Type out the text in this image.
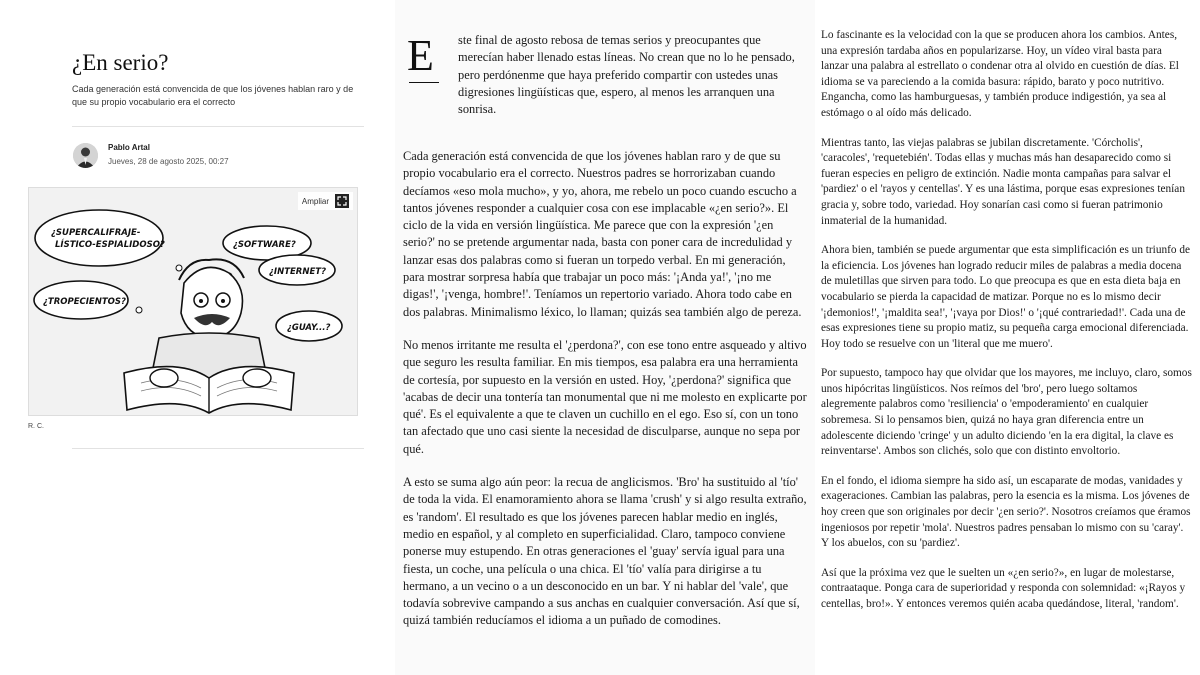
¿En serio?

Cada generación está convencida de que los jóvenes hablan raro y de que su propio vocabulario era el correcto

Pablo Artal
Jueves, 28 de agosto 2025, 00:27
¿SUPERCALIFRAJE-
LÍSTICO-ESPIALIDOSO?	¿SOFTWARE?
¿INTERNET?
¿TROPECIENTOS?
¿GUAY...?
Ampliar
R. C.
E ste final de agosto rebosa de temas serios y preocupantes que merecían haber llenado estas líneas. No crean que no lo he pensado, pero perdónenme que haya preferido compartir con ustedes unas digresiones lingüísticas que, espero, al menos les arranquen una sonrisa.

Cada generación está convencida de que los jóvenes hablan raro y de que su propio vocabulario era el correcto. Nuestros padres se horrorizaban cuando decíamos «eso mola mucho», y yo, ahora, me rebelo un poco cuando escucho a tantos jóvenes responder a cualquier cosa con ese implacable «¿en serio?». El ciclo de la vida en versión lingüística. Me parece que con la expresión '¿en serio?' no se pretende argumentar nada, basta con poner cara de incredulidad y lanzar esas dos palabras como si fueran un torpedo verbal. En mi generación, para mostrar sorpresa había que trabajar un poco más: '¡Anda ya!', '¡no me digas!', '¡venga, hombre!'. Teníamos un repertorio variado. Ahora todo cabe en dos palabras. Minimalismo léxico, lo llaman; quizás sea también algo de pereza.

No menos irritante me resulta el '¿perdona?', con ese tono entre asqueado y altivo que seguro les resulta familiar. En mis tiempos, esa palabra era una herramienta de cortesía, por supuesto en la versión en usted. Hoy, '¿perdona?' significa que 'acabas de decir una tontería tan monumental que ni me molesto en explicarte por qué'. Es el equivalente a que te claven un cuchillo en el ego. Eso sí, con un tono tan afectado que uno casi siente la necesidad de disculparse, aunque no sepa por qué.

A esto se suma algo aún peor: la recua de anglicismos. 'Bro' ha sustituido al 'tío' de toda la vida. El enamoramiento ahora se llama 'crush' y si algo resulta extraño, es 'random'. El resultado es que los jóvenes parecen hablar medio en inglés, medio en español, y al completo en superficialidad. Claro, tampoco conviene ponerse muy estupendo. En otras generaciones el 'guay' servía igual para una fiesta, un coche, una película o una chica. El 'tío' valía para dirigirse a tu hermano, a un vecino o a un desconocido en un bar. Y ni hablar del 'vale', que todavía sobrevive campando a sus anchas en cualquier conversación. Así que sí, quizá también reducíamos el idioma a un puñado de comodines.

Lo fascinante es la velocidad con la que se producen ahora los cambios. Antes, una expresión tardaba años en popularizarse. Hoy, un vídeo viral basta para lanzar una palabra al estrellato o condenar otra al olvido en cuestión de días. El idioma se va pareciendo a la comida basura: rápido, barato y poco nutritivo. Engancha, como las hamburguesas, y también produce indigestión, ya sea al estómago o al oído más delicado.

Mientras tanto, las viejas palabras se jubilan discretamente. 'Córcholis', 'caracoles', 'requetebién'. Todas ellas y muchas más han desaparecido como si fueran especies en peligro de extinción. Nadie monta campañas para salvar el 'pardiez' o el 'rayos y centellas'. Y es una lástima, porque esas expresiones tenían gracia y, sobre todo, variedad. Hoy sonarían casi como si fueran patrimonio inmaterial de la humanidad.

Ahora bien, también se puede argumentar que esta simplificación es un triunfo de la eficiencia. Los jóvenes han logrado reducir miles de palabras a media docena de muletillas que sirven para todo. Lo que preocupa es que en esta dieta baja en vocabulario se pierda la capacidad de matizar. Porque no es lo mismo decir '¡demonios!', '¡maldita sea!', '¡vaya por Dios!' o '¡qué contrariedad!'. Cada una de esas expresiones tiene su propio matiz, su pequeña carga emocional diferenciada. Hoy todo se resuelve con un 'literal que me muero'.

Por supuesto, tampoco hay que olvidar que los mayores, me incluyo, claro, somos unos hipócritas lingüísticos. Nos reímos del 'bro', pero luego soltamos alegremente palabros como 'resiliencia' o 'empoderamiento' en cualquier sobremesa. Si lo pensamos bien, quizá no haya gran diferencia entre un adolescente diciendo 'cringe' y un adulto diciendo 'en la era digital, la clave es reinventarse'. Ambos son clichés, solo que con distinto envoltorio.

En el fondo, el idioma siempre ha sido así, un escaparate de modas, vanidades y exageraciones. Cambian las palabras, pero la esencia es la misma. Los jóvenes de hoy creen que son originales por decir '¿en serio?'. Nosotros creíamos que éramos ingeniosos por repetir 'mola'. Nuestros padres pensaban lo mismo con su 'caray'. Y los abuelos, con su 'pardiez'.

Así que la próxima vez que le suelten un «¿en serio?», en lugar de molestarse, contraataque. Ponga cara de superioridad y responda con solemnidad: «¡Rayos y centellas, bro!». Y entonces veremos quién acaba quedándose, literal, 'random'.
